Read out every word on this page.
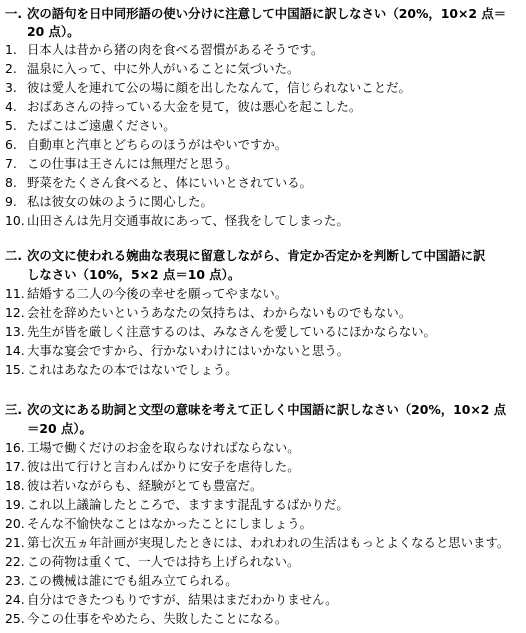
一. 次の語句を日中同形語の使い分けに注意して中国語に訳しなさい（20%，10×2 点＝
20 点）。
1. 日本人は昔から猪の肉を食べる習慣があるそうです。
2. 温泉に入って、中に外人がいることに気づいた。
3. 彼は愛人を連れて公の場に顔を出したなんて，信じられないことだ。
4. おばあさんの持っている大金を見て，彼は悪心を起こした。
5. たばこはご遠慮ください。
6. 自動車と汽車とどちらのほうがはやいですか。
7. この仕事は王さんには無理だと思う。
8. 野菜をたくさん食べると、体にいいとされている。
9. 私は彼女の妹のように関心した。
10. 山田さんは先月交通事故にあって、怪我をしてしまった。
二. 次の文に使われる婉曲な表現に留意しながら、肯定か否定かを判断して中国語に訳
しなさい（10%，5×2 点＝10 点）。
11. 結婚する二人の今後の幸せを願ってやまない。
12. 会社を辞めたいというあなたの気持ちは、わからないものでもない。
13. 先生が皆を厳しく注意するのは、みなさんを愛しているにほかならない。
14. 大事な宴会ですから、行かないわけにはいかないと思う。
15. これはあなたの本ではないでしょう。
三. 次の文にある助詞と文型の意味を考えて正しく中国語に訳しなさい（20%，10×2 点
＝20 点）。
16. 工場で働くだけのお金を取らなければならない。
17. 彼は出て行けと言わんばかりに安子を虐待した。
18. 彼は若いながらも、経験がとても豊富だ。
19. これ以上議論したところで、ますます混乱するばかりだ。
20. そんな不愉快なことはなかったことにしましょう。
21. 第七次五ヵ年計画が実現したときには、われわれの生活はもっとよくなると思います。
22. この荷物は重くて、一人では持ち上げられない。
23. この機械は誰にでも組み立てられる。
24. 自分はできたつもりですが、結果はまだわかりません。
25. 今この仕事をやめたら、失敗したことになる。
